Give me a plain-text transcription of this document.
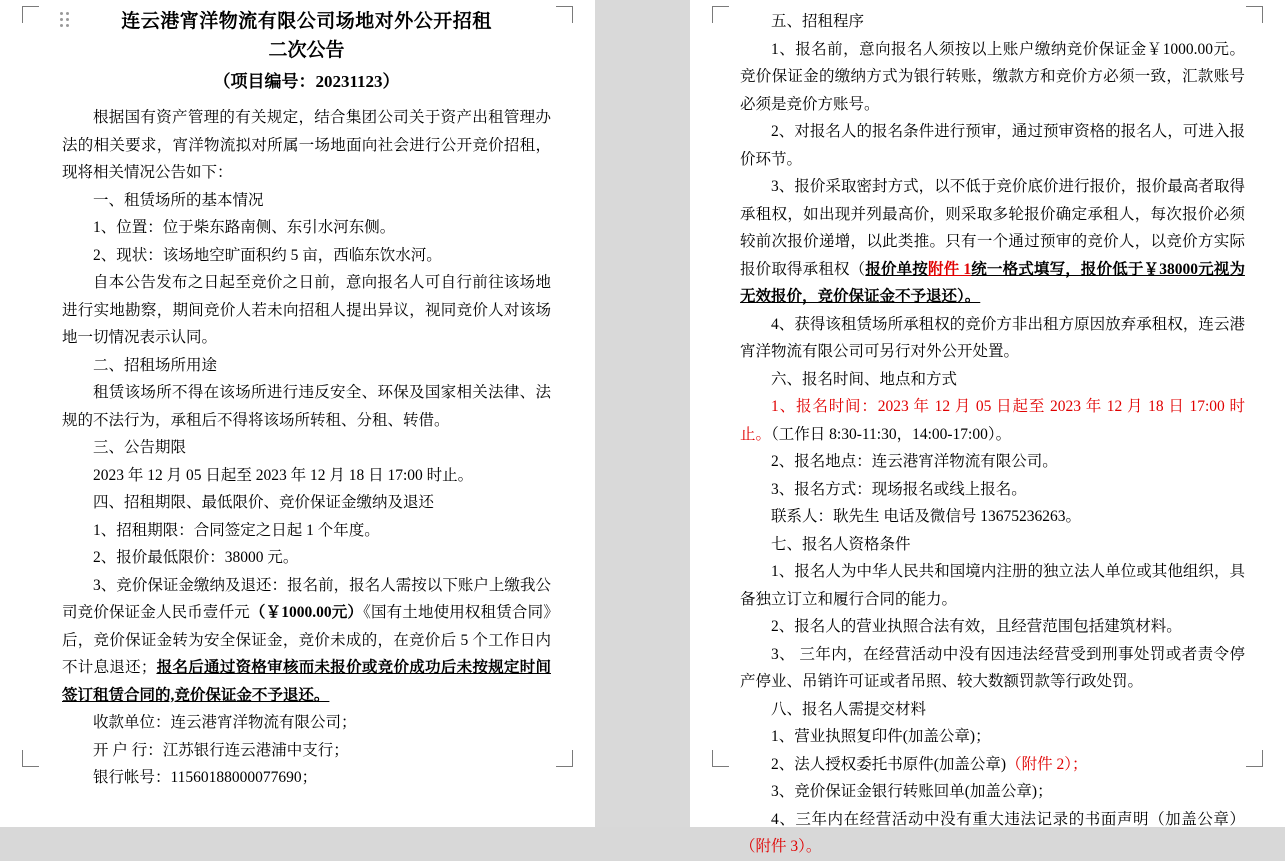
连云港宵洋物流有限公司场地对外公开招租
二次公告
（项目编号：20231123）

根据国有资产管理的有关规定，结合集团公司关于资产出租管理办法的相关要求，宵洋物流拟对所属一场地面向社会进行公开竞价招租，现将相关情况公告如下：

一、租赁场所的基本情况

1、位置：位于柴东路南侧、东引水河东侧。

2、现状：该场地空旷面积约 5 亩，西临东饮水河。

自本公告发布之日起至竞价之日前，意向报名人可自行前往该场地进行实地勘察，期间竞价人若未向招租人提出异议，视同竞价人对该场地一切情况表示认同。

二、招租场所用途

租赁该场所不得在该场所进行违反安全、环保及国家相关法律、法规的不法行为，承租后不得将该场所转租、分租、转借。

三、公告期限

2023 年 12 月 05 日起至 2023 年 12 月 18 日 17:00 时止。

四、招租期限、最低限价、竞价保证金缴纳及退还

1、招租期限：合同签定之日起 1 个年度。

2、报价最低限价：38000 元。

3、竞价保证金缴纳及退还：报名前，报名人需按以下账户上缴我公司竞价保证金人民币壹仟元（￥1000.00元）《国有土地使用权租赁合同》后，竞价保证金转为安全保证金，竞价未成的，在竞价后 5 个工作日内不计息退还；报名后通过资格审核而未报价或竞价成功后未按规定时间签订租赁合同的,竞价保证金不予退还。

收款单位：连云港宵洋物流有限公司；

开 户 行：江苏银行连云港浦中支行；

银行帐号：11560188000077690；

五、招租程序

1、报名前，意向报名人须按以上账户缴纳竞价保证金￥1000.00元。竞价保证金的缴纳方式为银行转账，缴款方和竞价方必须一致，汇款账号必须是竞价方账号。

2、对报名人的报名条件进行预审，通过预审资格的报名人，可进入报价环节。

3、报价采取密封方式，以不低于竞价底价进行报价，报价最高者取得承租权，如出现并列最高价，则采取多轮报价确定承租人，每次报价必须较前次报价递增，以此类推。只有一个通过预审的竞价人，以竞价方实际报价取得承租权（报价单按附件 1统一格式填写，报价低于￥38000元视为无效报价，竞价保证金不予退还）。

4、获得该租赁场所承租权的竞价方非出租方原因放弃承租权，连云港宵洋物流有限公司可另行对外公开处置。

六、报名时间、地点和方式

1、报名时间：2023 年 12 月 05 日起至 2023 年 12 月 18 日 17:00 时止。（工作日 8:30-11:30，14:00-17:00）。

2、报名地点：连云港宵洋物流有限公司。

3、报名方式：现场报名或线上报名。

联系人：耿先生 电话及微信号 13675236263。

七、报名人资格条件

1、报名人为中华人民共和国境内注册的独立法人单位或其他组织，具备独立订立和履行合同的能力。

2、报名人的营业执照合法有效，且经营范围包括建筑材料。

3、 三年内，在经营活动中没有因违法经营受到刑事处罚或者责令停产停业、吊销许可证或者吊照、较大数额罚款等行政处罚。

八、报名人需提交材料

1、营业执照复印件(加盖公章)；

2、法人授权委托书原件(加盖公章)（附件 2）；

3、竞价保证金银行转账回单(加盖公章)；

4、三年内在经营活动中没有重大违法记录的书面声明（加盖公章）（附件 3）。
